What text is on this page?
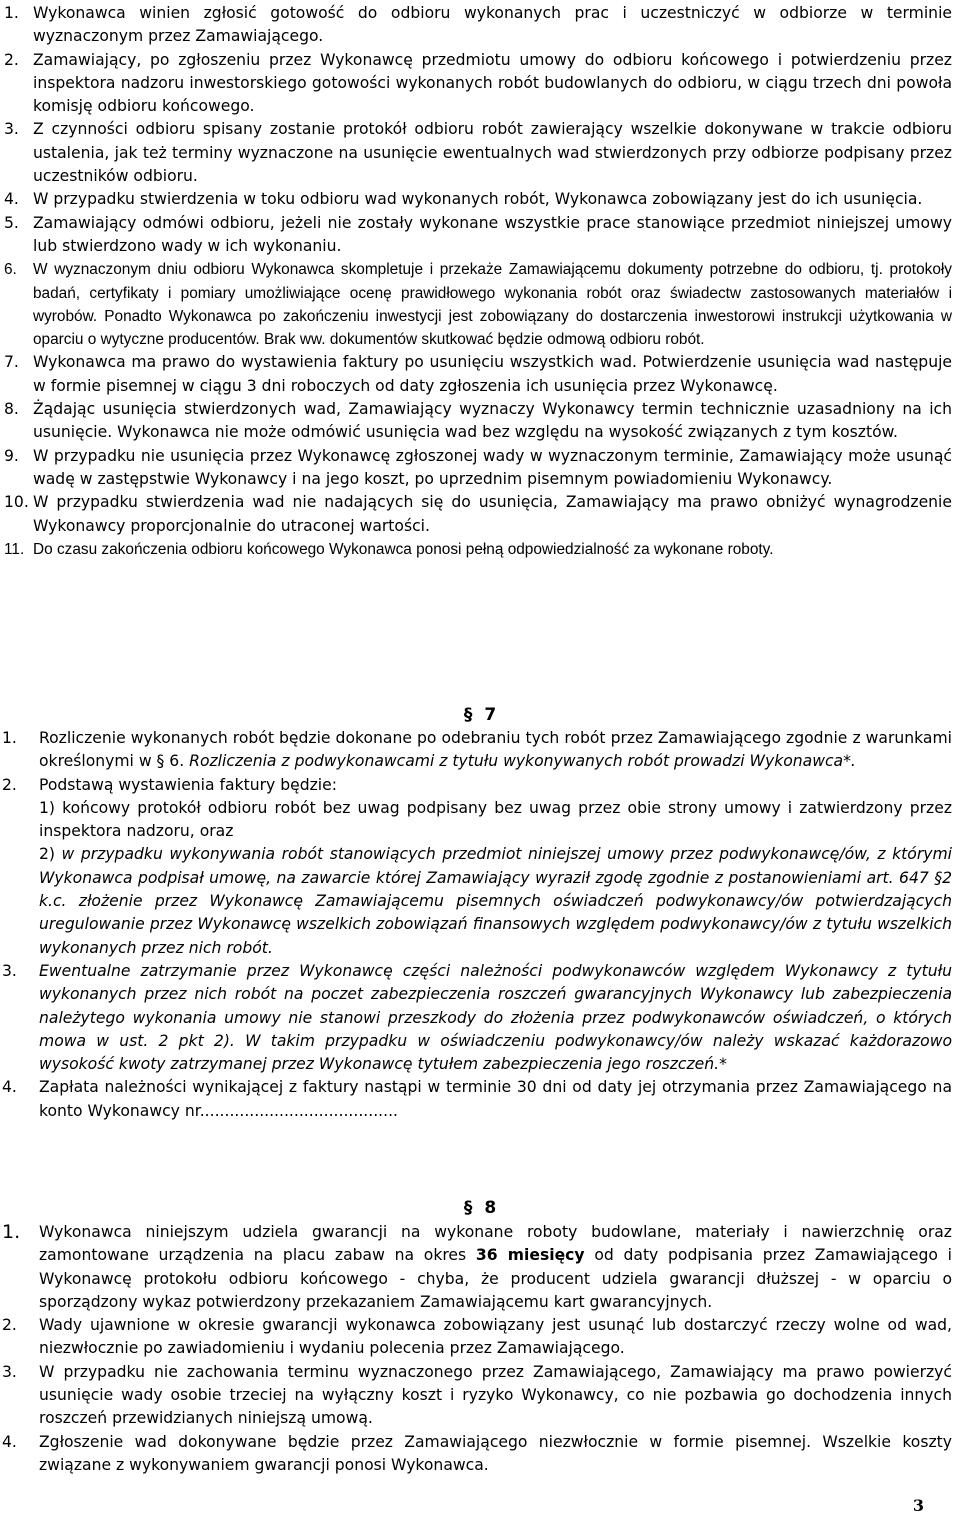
1. Wykonawca winien zgłosić gotowość do odbioru wykonanych prac i uczestniczyć w odbiorze w terminie wyznaczonym przez Zamawiającego.
2. Zamawiający, po zgłoszeniu przez Wykonawcę przedmiotu umowy do odbioru końcowego i potwierdzeniu przez inspektora nadzoru inwestorskiego gotowości wykonanych robót budowlanych do odbioru, w ciągu trzech dni powoła komisję odbioru końcowego.
3. Z czynności odbioru spisany zostanie protokół odbioru robót zawierający wszelkie dokonywane w trakcie odbioru ustalenia, jak też terminy wyznaczone na usunięcie ewentualnych wad stwierdzonych przy odbiorze podpisany przez uczestników odbioru.
4. W przypadku stwierdzenia w toku odbioru wad wykonanych robót, Wykonawca zobowiązany jest do ich usunięcia.
5. Zamawiający odmówi odbioru, jeżeli nie zostały wykonane wszystkie prace stanowiące przedmiot niniejszej umowy lub stwierdzono wady w ich wykonaniu.
6. W wyznaczonym dniu odbioru Wykonawca skompletuje i przekaże Zamawiającemu dokumenty potrzebne do odbioru, tj. protokoły badań, certyfikaty i pomiary umożliwiające ocenę prawidłowego wykonania robót oraz świadectw zastosowanych materiałów i wyrobów. Ponadto Wykonawca po zakończeniu inwestycji jest zobowiązany do dostarczenia inwestorowi instrukcji użytkowania w oparciu o wytyczne producentów. Brak ww. dokumentów skutkować będzie odmową odbioru robót.
7. Wykonawca ma prawo do wystawienia faktury po usunięciu wszystkich wad. Potwierdzenie usunięcia wad następuje w formie pisemnej w ciągu 3 dni roboczych od daty zgłoszenia ich usunięcia przez Wykonawcę.
8. Żądając usunięcia stwierdzonych wad, Zamawiający wyznaczy Wykonawcy termin technicznie uzasadniony na ich usunięcie. Wykonawca nie może odmówić usunięcia wad bez względu na wysokość związanych z tym kosztów.
9. W przypadku nie usunięcia przez Wykonawcę zgłoszonej wady w wyznaczonym terminie, Zamawiający może usunąć wadę w zastępstwie Wykonawcy i na jego koszt, po uprzednim pisemnym powiadomieniu Wykonawcy.
10. W przypadku stwierdzenia wad nie nadających się do usunięcia, Zamawiający ma prawo obniżyć wynagrodzenie Wykonawcy proporcjonalnie do utraconej wartości.
11. Do czasu zakończenia odbioru końcowego Wykonawca ponosi pełną odpowiedzialność za wykonane roboty.
§ 7
1. Rozliczenie wykonanych robót będzie dokonane po odebraniu tych robót przez Zamawiającego zgodnie z warunkami określonymi w § 6. Rozliczenia z podwykonawcami z tytułu wykonywanych robót prowadzi Wykonawca*.
2. Podstawą wystawienia faktury będzie:
1) końcowy protokół odbioru robót bez uwag podpisany bez uwag przez obie strony umowy i zatwierdzony przez inspektora nadzoru, oraz
2) w przypadku wykonywania robót stanowiących przedmiot niniejszej umowy przez podwykonawcę/ów, z którymi Wykonawca podpisał umowę, na zawarcie której Zamawiający wyraził zgodę zgodnie z postanowieniami art. 647 §2 k.c. złożenie przez Wykonawcę Zamawiającemu pisemnych oświadczeń podwykonawcy/ów potwierdzających uregulowanie przez Wykonawcę wszelkich zobowiązań finansowych względem podwykonawcy/ów z tytułu wszelkich wykonanych przez nich robót.
3. Ewentualne zatrzymanie przez Wykonawcę części należności podwykonawców względem Wykonawcy z tytułu wykonanych przez nich robót na poczet zabezpieczenia roszczeń gwarancyjnych Wykonawcy lub zabezpieczenia należytego wykonania umowy nie stanowi przeszkody do złożenia przez podwykonawców oświadczeń, o których mowa w ust. 2 pkt 2). W takim przypadku w oświadczeniu podwykonawcy/ów należy wskazać każdorazowo wysokość kwoty zatrzymanej przez Wykonawcę tytułem zabezpieczenia jego roszczeń.*
4. Zapłata należności wynikającej z faktury nastąpi w terminie 30 dni od daty jej otrzymania przez Zamawiającego na konto Wykonawcy nr........................................
§ 8
1. Wykonawca niniejszym udziela gwarancji na wykonane roboty budowlane, materiały i nawierzchnię oraz zamontowane urządzenia na placu zabaw na okres 36 miesięcy od daty podpisania przez Zamawiającego i Wykonawcę protokołu odbioru końcowego - chyba, że producent udziela gwarancji dłuższej - w oparciu o sporządzony wykaz potwierdzony przekazaniem Zamawiającemu kart gwarancyjnych.
2. Wady ujawnione w okresie gwarancji wykonawca zobowiązany jest usunąć lub dostarczyć rzeczy wolne od wad, niezwłocznie po zawiadomieniu i wydaniu polecenia przez Zamawiającego.
3. W przypadku nie zachowania terminu wyznaczonego przez Zamawiającego, Zamawiający ma prawo powierzyć usunięcie wady osobie trzeciej na wyłączny koszt i ryzyko Wykonawcy, co nie pozbawia go dochodzenia innych roszczeń przewidzianych niniejszą umową.
4. Zgłoszenie wad dokonywane będzie przez Zamawiającego niezwłocznie w formie pisemnej. Wszelkie koszty związane z wykonywaniem gwarancji ponosi Wykonawca.
3
